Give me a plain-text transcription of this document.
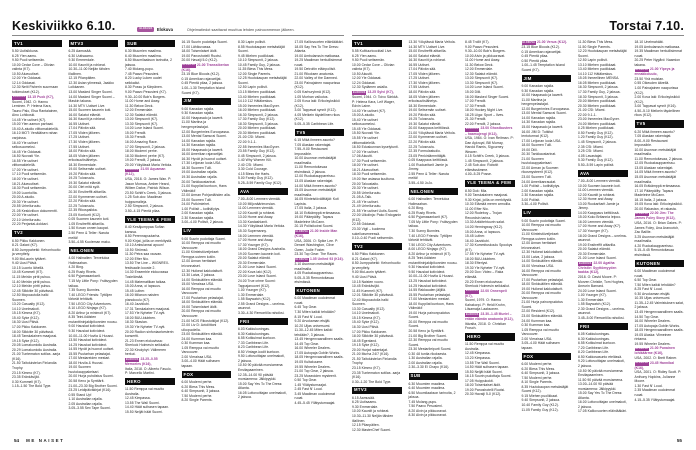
Keskiviikko 6.10.	ELOKUVA	Elokuva	Ohjelmatiedot saattavat muuttua lehden painoonmenon jälkeen.
TV1
5.50 Uutisikkuna.
6.25 Ylen aamu.
9.50 Puoli seitsemän.
10.00 Cedar Cove – Olivian valinta (K7).
10.50 Alueuutiset.
12.00 Yle Oddasat.
12.14 Oddasat.
12.30 Neiti Fisherin suurmaan tutkimukset (K12).
ELOKUVA 13.15 Puck (K7),
Suomi, 1942. O: Hannu Leminen. P: Helena Kara, Tauno Palo, Elsa Rantalainen, Aino Lohikoski.
14.45 Yle uutiset (K7).
15.00 Ylen aamun parhaat.
15.40 A-studio viittomakielellä.
16.10 MOT: Venäläisen rahan varjoissa.
16.40 Yle uutiset selkosuomeksi.
16.45 Yle Oddasat.
16.50 Novosti Yle.
16.55 Yle uutiset viittomakielellä.
17.00 Yle uutiset.
17.10 Puoli seitsemän.
18.00 Yle uutiset.
18.21 Alueuutiset.
18.30 Puoli seitsemän.
19.00 Luontoilta.
20.00 A-studio.
20.30 Yle uutiset.
20.55 Urheiluruutu.
21.05 Keskiviikon dokumentti.
22.00 Yle uutiset.
22.10 Urheiluruutu.
22.20 Perjantai-dokkari.
TV2
6.50 Pikku Kakkonen.
8.21 Galaxi (K7).
8.50 Jumppahetki: Kehonhuolto ja venyttely.
9.00 McLaurin tyttäret.
9.40 Uusi Päivä.
10.15 Luonto lähellä.
10.45 Kummeli (K7).
11.15 Meirän pirtti puhuu.
11.40 Meirän pirtti puhuu.
12.10 Meirän pirtti puhuu.
12.45 Silkkitie 30 päivässä.
12.50 Mopoautolla halki Suomen.
13.20 Casualty (K12).
14.10 Unelmakoti.
15.15 Kimma (K7).
15.40 Syke (K12).
16.30 Uusi Päivä.
17.00 Pikku Kakkonen.
18.00 Silkkitie 30 päivässä.
18.45 Tanskalainen maajussi.
19.15 Syke (K12).
20.05 Lomakuntoilu Australia.
20.29 Lomakuntoilu Australia.
21.00 Tuntematon sotilas -sarja (K16).
21.50 Taitoluistelun Finlandia Trophy.
23.15 Kimmo (K7).
23.35 Eränkävijät.
0.30 Kummeli (K7).
1.15–1.50 The Bold Type.
MTV3
6.25 Aamusää.
6.30 Uutisaamu.
9.30 Emmerdale.
10.00 Kauniit ja rohkeat.
10.30–11.00 Neljän tähden illallinen.
12.15 Pilanpäiten.
12.30 Asian ytimessä, Jaakko Loikkanen.
13.00 Masked Singer Suomi.
14.00 Masked Singer Suomi – Maskin takana.
14.30 MTV Uutiset Live.
15.00 Suomen kaunein koti.
16.00 Salatut elämät.
16.30 Kauniit ja rohkeat.
16.55 Uutiset.
17.04 Päivän sää.
17.05 Viiden jälkeen.
17.25 Uutiset.
17.30 Viiden jälkeen.
17.55 Uutiset.
18.00 Päivän sää.
18.05 Viiden jälkeen erikoisuutislähetys.
18.30 Emmerdale.
19.00 Seitsemän uutiset.
19.20 Päivän sää.
19.25 Tulosruutu.
19.30 Salatut elämät.
20.00 Olet mitä syöt.
20.30 Ensitreffit alttarilla.
22.00 Kymmenen uutiset.
22.20 Päivän sää.
22.25 Tulosruutu.
22.35 Rikospaikka.
23.05 Konkurit (K12).
0.05 Suomen kaunein koti.
1.05 Ensitreffit alttarilla.
1.50 Kovan onnen kaupat.
2.50 Penn & Teller: Naruta meitä!
3.50–4.55 Kuoleman maku.
NELONEN
4.00 Halinallen: Tervetuloa Halimaahan.
4.20 Bing.
6.25 Rusty Rivets.
6.50 Pyjamasankarit.
7.15 My Little Pony: Ystävyyden taikaa.
7.35 Sunny Bunnies.
7.40 LEGO Friends: Tyttöjen törkeät tehtävät.
7.50 LEGO City Adventures.
8.10 LEGO Ninjago (K7).
8.20 Arthur ja minimoit (K7).
8.35 Teini-ikäisten mutanttininjakilpikonnien nousu.
9.00 Hauskat kotivideot.
9.30 Hauskat kotivideot.
10.00–11.00 Huvila & Huussi.
13.50 Hauskat kotivideot.
14.25 Hauskat kotivideot.
14.55 Hyvät ja huonot uutiset.
15.55 Puutarhan pelastajat.
17.00 Mestareiden mestari.
18.00 Huvila & Huussi.
19.00 Suomen huutokauppakeisari.
20.00 Hurja puhdistus Suomi.
20.58 Keno ja Synttärit.
21.00–23.30 Big Brother Suomi.
23.25 Leidipäiväkirjat (K16).
0.55 Stand Up!
1.10 Australian rajalla.
2.05 Australian rajalla.
3.05–3.55 Sex Tape Suomi.
SUB
6.30 Muumien maailma.
6.40 Muumien maailma.
6.50 Muumilaakson tarinoita, 2 jaksoa.
7.40 Molang-pupu.
7.45 Paavo Pesusieni.
8.20 Lucky Luken uudet seikkailut.
8.30 Possu ja Kärpänen.
9.00 Paavo Pesusieni (K7).
9.30–10.00 Bob's Burgers.
11.00 Home and Away.
11.30 Below Deck.
12.00 Emmerdale.
12.30 Salatut elämät.
13.00 Simpsonit (K7).
13.30 Simpsonit (K7).
14.00 Love Island Suomi.
15.00 Frendit.
15.30 Frendit.
16.00 Amazing Race.
17.00 Simpsonit, 2 jaksoa.
18.00 Moderni perhe.
18.30 Moderni perhe (K7).
19.00 Frendit, 2 jaksoa.
20.00 Yökylässä Maria Veitola.
ELOKUVA 21.00 Aquaman (K12),
USA, 2018. O: James Wan. P: Jason Momoa, Amber Heard, Willem Dafoe, Patrick Wilson.
23.50 Schitt's Creek, 3 jaksoa.
1.25 Sub.doc: Maailman huippumalleja.
2.50 Simpsonit, 2 jaksoa.
3.50–4.15 Pientä pilaa.
YLE TEEMA & FEM
8.40 Kesäjumppaa Sofian kanssa.
8.50 Perennapuutarha.
9.00 Kirjat, joilla on merkitystä.
10.10 Ambulanssi apuun!
10.50 Strömsö.
11.30 Petra saa vauvan.
12.00 Efter Nio.
13.50 The Line – WIGNREX-festivaalin kooste 2.
14.30 Ensemble elokuvassa Tosielämää.
14.45 Matematiikan taikaa.
15.00 Anna, oi lapsuus.
15.45 Luther.
16.00 Milanon naisten pianokoulu (K7).
16.40 Jazzklubi.
17.31 Tanskalainen maajussi.
17.53 Yle Nyheter TV-nytt.
18.00 BUU-klubben.
18.30 Skavlan.
19.30 Yle Nyheter TV-nytt.
20.00 Radion sinfoniaorkesterin konsertti.
21.23 Ennen elokuvissa: Sherlock Holmesin seikkailut.
22.30 Kinolyhyt: Välimeren herkut.
ELOKUVA 23.25–0.55 Memories (K16),
Italia, 2018. O: Alberto Fasulo. P: Marcello Martini.
HERO
11.50 Remppa vai muutto Australia.
12.45 Kimpassa.
13.55 The Wall Suomi.
14.40 Häät sulhasen tapaan.
15.50 Neljät häät Suomi.
16.15 Suurin pudottaja Suomi.
17.00 Lähikuvassa.
18.00 Toisenlaiset äidit.
19.00 Panoshotelli Ruotsi.
20.00 Havaiji 5-0 (K12).
ELOKUVA 21.00 Transsiberian (K16).
23.15 Blue Bloods (K12).
0.15 Amerikan rajavartijat.
0.45 Pientä pilaa, 2 jaksoa.
1.00–1.30 Temptation Island Suomi (K7).
JIM
9.00 Kanadan rajalla.
9.30 Kanadan rajalla.
10.00 Haapasalo ja kaverit.
11.00 Martina ja hengenpelastajat.
12.00 Burgerimies Euroopassa.
13.00 Mental Samurai Suomi.
14.00 Kanadan rajalla.
14.30 Kanadan rajalla.
15.00 Haapasalo ja kaverit.
16.00 Amerikan rajavartijat.
16.30 Hyvät ja huonot uutiset.
17.30 Leijonan luola USA.
18.30 Suomen Tulli.
19.00 Australian rajalla.
19.30 Australian rajalla.
20.00 Tankkaustarinat.
21.00 Kuppilat kuntoon, Hans Välimäki!
22.00 Arman Pohjantähden alla.
23.00 Suomen Tulli.
24.00 Putkimiehet.
1.00 Poliisit – kotihälytys.
2.00 Kanadan rajalla.
2.30 Kanadan rajalla.
3.00–4.00 Poliisit, 2 jaksoa.
LIV
9.00 Suurin pudottaja Suomi.
10.00 Remppa vai muutto Vancouver.
11.00 Kiinteistöveljekset: Remppa uuteen kotiin.
12.00 Annan herttaiset leivonnaiset.
12.30 Huikeat kakkutaiturit.
13.30 Laiva, 2 jaksoa.
14.00 Sinkkuäitien elämää.
15.00 Vieraissa USA.
16.00 Remppa vai muutto Vancouver.
17.00 Puutarhan pelastajat.
18.00 Sinkkuäitien elämää.
19.00 Toisenlaiset äidit.
20.00 Remppa vai muutto Vancouver.
21.00 NCIS Rikostutkijat (K12).
22.00 Liv D: Avioliittoni ulkopuolella.
23.00 Sinkkuäitien elämää.
24.00 Kumman kaa.
0.30 Kumman kaa.
1.05 Remppa vai muutto Vancouver.
2.00 Vieraissa USA.
3.00–4.00 Häät sulhasen tapaan.
FOX
6.00 Moderni perhe.
6.20 Bless This Mess.
6.40 Simpsonit, 3 jaksoa.
7.50 Moderni perhe.
8.20 Single Parents.
8.30 Lapin poliisit.
8.55 Huutokaupan metsästäjät Suomi.
9.45 Miehen puolikkaat.
10.10 Simpsonit, 2 jaksoa.
10.45 Family Guy, 2 jaksoa.
11.35 Bless This Mess.
12.00 Single Parents.
12.25 Huutokaupan metsästäjät Suomi.
12.50 Lapin poliisit.
13.15 Miehen puolikkaat.
13.40 Miehen puolikkaat.
14.10 112 Hätäkeskus.
15.00 Ihmemies MacGyver.
16.00 Miehen puolikkaat.
16.30 Simpsonit, 2 jaksoa.
17.30 Family Guy (K12).
18.30 Simpsonit, 3 jaksoa.
20.00 Miehen puolikkaat.
20.30 Miehen puolikkaat.
21.00 CSI: Miami.
22.00 9-1-1.
22.55 Ihmemies MacGyver.
23.55 Family Guy (K12).
0.45 Simpsonit, 2 jaksoa.
1.40 Why Women Kill.
2.40 CSI: Miami.
3.30 Cold Courage.
4.15 Bless the Harts.
5.00 Family Guy (K12).
5.25–5.59 Family Guy (K12).
AVA
7.00–8.00 Lemmen viemää.
10.00 Miljonäärimorsian.
11.00 Lemmen viemää.
12.00 Kauniit ja rohkeat.
13.00 Home and Away.
13.30 Kardashianit.
14.30 Yökylässä Maria Veitola.
15.30 Supernanny.
16.00 Lemmen viemää.
17.00 Home and Away.
17.30 Younger (K7).
18.00 Grand Designs Australia.
19.00 Suomen kaunein koti.
20.00 Salatut elämät.
20.30 Emmerdale.
21.00 Love Island Suomi.
22.00 Kova laki (K12).
23.00 Love Island Suomi.
24.00 True crime Suomi: Tappajanuoret (K12).
1.00 Younger (K7).
1.30 Emmerdale.
1.55 Baywatch (K12).
2.55 Grand Designs – unelma-asunnot.
3.30–4.30 Remontilla rahoiksi.
FRII
6.03 Kakkukuningas.
6.30 Kakkukuningas.
6.55 Kotikulmat kuntoon.
7.33 Caribbean Life.
8.23 Caribbean Life.
8.50 Vintage-kodit kuntoon.
9.50 Lottovoittajan unelmakoti, 2 jaksoa.
10.50 90 päivää morsiamena: Ensitapaaminen.
12.35–14.00 90 päivää morsiamena: Jälkipyykki.
15.00 Say Yes To The Dress: Atlanta.
16.05 Lottovoittajan unelmakoti, 2 jaksoa.
17.05 Kalliovuorten eläinlääkäri.
18.05 Say Yes To The Dress: Atlanta.
19.00 Ambulanssin matkassa.
19.25 Maailman herkullisimmat ruoat.
19.50 Detroitin eläinpoliisit.
21.00 Rikoksen anatomia.
22.00 Valley of the Damned.
23.00 Painajainen naapurissa (K12).
0.05 Karhuryhmä (K12).
1.05 Murhan vaikutus.
2.05 Kova laki: Erikoisyksikkö (K12).
3.00 Tappavat synnit (K12).
4.05 Meikein täydellinen rikos (K12).
5.05–5.35 Caribbean Life.
TV5
6.15 Mikä ihmeen asunto?
7.05 Alaskan rakentajat.
7.55–9.00 Restaurant Impossible.
10.00 Asunnon metsästäjät maailmalla.
11.00 Remontoitavaa etsimässä, 2 jaksoa.
12.00 Ruokakauppareissu.
13.05 Alaskan rakentajat.
14.00 Mikä ihmeen asunto?
15.05 Asunnon metsästäjät maailmalla.
16.05 Kiinteistövälittäjät: Koti Lapista.
17.05 Italia, 2 jaksoa.
18.10 Eräkämppä erämaassa.
19.00 Pääepäilty: Tapaus Madeleine McCann.
20.15 Poliisikoirat Suomi.
ELOKUVA 21.00 Inside Man (K16),
USA, 2006. O: Spike Lee. P: Denzel Washington, Clive Owen, Jodie Foster.
23.30 Top Gear: The Races.
ELOKUVA 1.05 United 93 (K16).
3.10 Asunnon metsästäjät maailmalla.
4.05 Ruokakauppareissu.
5.05–5.35 Remontoitavaa etsimässä.
KUTONEN
6.00 Maailman oudoimmat ruoat.
6.45 Top Gear.
7.30 Miten kaikki tehdään?
8.15 Fast N' Loud.
9.20 Arvokaman etsijät.
10.20 Uljas universumi.
11.30–12.45 Miten kaikki tehdään?, 3 jaksoa.
13.45 Hengenvaarallinen saalis.
14.45 Top Gear.
16.00 Wheeler Dealers.
17.05 Autopaja Goblin Works.
18.05 Hengenvaarallinen saalis.
19.05 Kultakuume.
19.55 Wheeler Dealers.
21.00 Top Gear, 2 jaksoa.
23.25 Museoiden mysteerit.
0.50 Top Gear.
1.45 Yllätysturnaajat.
2.45 Fast N' Loud.
3.45 Maailman oudoimmat ruoat.
4.45–5.45 Yllätysturnaajat.
Torstai 7.10.
TV1
5.55 Kulttuuricocktail Live.
6.25 Ylen aamu.
9.50 Puoli seitsemän.
10.00 Cedar Cove – Olivian valinta (K7).
10.50 Akuutti.
12.00 Yle Oddasat.
12.24 Oddasat.
12.30 Sydämen asialla.
ELOKUVA 13.25 Sylvi (K7),
Suomi, 1944. O: Toivo Särkkä. P: Helena Kara, Leif Wager, Edvin Laine.
14.40 Yle uutiset (K7).
15.00 A-studio.
15.40 Yle uutiset selkosuomeksi.
15.45 Yle Oddasat.
15.50 Novosti Yle.
15.55 Yle uutiset viittomakielellä.
16.50 Eduskunnan kyselytunti.
17.00 Yle uutiset.
17.06 Akuutti.
17.30 Puoli seitsemän.
18.00 Yle uutiset.
18.21 Alueuutiset.
18.30 Puoli seitsemän.
19.00 Itse asiassa kuultuna.
20.00 Taloustaito.
20.30 Yle uutiset.
20.55 Urheiluruutu.
21.05 A-Talk.
21.45 Yle uutiset.
21.49 Urheiluruutu.
21.55 Yle uutiset Uutis-Suomi.
22.00 Ulkolinja: Pako Erdoganin (K12).
22.55 Oddasat.
23.30 Vigil – kuolema sukellusveneessä.
0.10–0.40 Puoli seitsemän.
TV2
6.50 Pikku Kakkonen.
8.21 Galaxi (K7).
8.50 Jumppahetki: Kehonhuolto ja venyttely.
9.00 McLaurin tyttäret.
9.40 Uusi Päivä.
10.15 Naisten vuoro.
10.45 Eränkävijät.
11.45 Kummeli (K7).
12.01 Silkkitie 30 päivässä.
12.40 Mopoautolla halki Suomen.
13.30 Casualty (K12).
14.10 Unelmakoti.
15.15 Kimma (K7).
15.40 Syke (K12).
16.30 Uusi Päivä.
17.00 Pikku Kakkonen.
18.00 Silkkitie 30 päivässä.
18.45 Egenland.
19.15 Syke (K12).
20.00 Hurjat rakentajat.
21.00 Murha 24/7 (K16).
21.50 Taitoluistelun Finlandia Trophy.
23.15 Kimmo (K7).
23.35 Tuntematon sotilas -sarja (K16).
0.30–1.20 The Bold Type.
MTV3
6.15 Aamusää.
6.25 Uutisaamu.
9.30 Emmerdale.
10.00 Kauniit ja rohkeat.
10.30–11.30 Neljän tähden illallinen.
12.15 Pilanpäiten.
12.30 MasterChef Suomi.
13.30 Yökylässä Maria Veitola.
14.30 MTV Uutiset Live.
15.00 Ensitreffit alttarilla.
16.00 Salatut elämät.
16.30 Kauniit ja rohkeat.
16.55 Uutiset.
17.04 Päivän sää.
17.05 Viiden jälkeen.
17.25 Uutiset.
17.30 Viiden jälkeen.
17.55 Uutiset.
18.00 Päivän sää.
18.05 Viiden jälkeen erikoisuutislähetys.
18.30 Emmerdale.
19.00 Seitsemän uutiset.
19.20 Päivän sää.
19.25 Tulosruutu.
19.30 Salatut elämät.
20.00 Kaappaus keittiössä.
21.00 Yökylässä Maria Veitola.
22.00 Kymmenen uutiset.
22.20 Päivän sää.
22.25 Tulosruutu.
22.35 Formulastudio.
23.05 Penkinlämmittäjät.
0.05 Kaappaus keittiössä.
1.00 Ruokaritarit Jamie ja Jimmy.
2.55 Penn & Teller: Naruta meitä!
3.55–4.50 JoJo.
NELONEN
6.00 Halinallen: Tervetuloa Halimaahan.
6.20 Bing.
6.25 Rusty Rivets.
6.50 Pyjamasankarit (K7).
7.05 My Little Pony: Ystävyyden taikaa.
7.30 Sunny Bunnies.
7.40 LEGO Friends: Tyttöjen törkeät tehtävät.
7.50 LEGO City Adventures.
8.00 LEGO Ninjago (K7).
8.20 Arthur ja minimoit (K7).
8.25 Teini-ikäisten mutanttininjakilpikonnien nousu.
9.30 Hauskat kotivideot.
9.50 Hauskat kotivideot.
10.00–11.00 Huvila & Huussi.
13.25 Hauskat kotivideot.
14.25 Hauskat kotivideot.
14.55 Rakkauden jäljillä.
15.55 Puutarhan pelastajat.
17.00 Mestareiden mestari.
18.00 Kuppilat kuntoon, Hans Välimäki!
19.00 Hurja painonpudotus Suomi.
20.00 Remppa vai muutto Suomi.
20.58 Keno ja Synttärit.
21.00 Big Brother Suomi.
22.30 Remppa vai muutto Suomi.
23.30 Mestarileipurit Suomi.
0.30 48 tuntia rikoksesta.
1.30 Australian rajalla.
2.00 Australian rajalla.
2.30–3.30 El Chapo (K16).
SUB
6.30 Muumien maailma.
6.40 Muumien maailma.
6.50 Muumilaakson tarinoita, 2 jaksoa.
7.45 Molang-pupu.
7.50 Paavo Pesusieni.
8.20 Alvin ja pikkuoravat.
8.30 Alvin ja pikkuoravat.
8.45 Trollit (K7).
9.00 Paavo Pesusieni.
9.30–10.00 Bob's Burgers.
10.00 Alvin ja pikkuoravat.
11.00 Home and Away.
11.30 Below Deck.
12.00 Emmerdale.
12.30 Salatut elämät.
13.00 Simpsonit (K7).
13.30 Simpsonit (K7).
14.00 Love Island Suomi.
15.00 Diili.
16.00 Masked Singer Suomi.
17.00 Frendit.
17.30 Frendit.
18.00 Hockey Night Live.
18.25 Liiga: Sport – Ilves.
21.30 Frendit.
22.00 Frendit, 2 jaksoa.
ELOKUVA 23.00 Ghostbusters – haamujengi (K12),
USA, 1984. O: Ivan Reitman. P: Dan Aykroyd, Bill Murray, Harold Ramis, Sigourney Weaver.
0.15 Schitt's Creek, 3 jaksoa.
1.45 Simpsonit, 2 jaksoa.
2.45 Sub.doc: Robotit elämässämme.
4.00–5.25 Posse.
YLE TEEMA & FEM
8.50 Dok: Mia.
9.00 Tanskalainen maajussi.
9.30 Kirjat, joilla on merkitystä.
10.30 Elämää meren armoilla.
11.00 Efter Nio.
12.00 Rudeboy – Trojan Recordsin tarina.
13.30 Arkkitehtuurin salat.
14.00 Hemingway (K12).
15.00 Anna, oi lapsuus.
15.45 Luther.
16.40 Jazzklubi.
17.30 Kummituskoulu Spookys (K7).
17.55 Yle Nyheter TV-nytt.
18.00 BUU-klubben.
18.30 Efterlyst.
19.30 Yle Nyheter TV-nytt.
20.00 Dox: Video – Raka elämää.
20.20 Ennen elokuvissa: Sherlock Holmesin seikkailut.
ELOKUVA 22.00 Onnenpeli (K7),
Suomi, 1979. O: Hannu Kahakorpi. P: Heidi Krohn, Liisamaija Laaksonen.
ELOKUVA 23.30–1.45 Muriel – erään elämän anatomia (K12),
Itävalta, 2018. O: Christian Frosch.
HERO
11.50 Remppa vai muutto Australia.
12.45 Kimpassa.
13.20 Kimpassa.
13.55 The Wall Suomi.
14.50 Häät sulhasen tapaan.
15.50 Neljät häät Suomi.
16.15 Suurin pudottaja Suomi.
17.05 Huippukokit.
18.00 Toisenlaiset äidit.
19.00 Panoshotelli Ruotsi.
20.30 Havaiji 5-0 (K12).
ELOKUVA 21.00 Venus (K12).
23.15 Blue Bloods (K12).
0.15 Amerikan rajavartijat.
0.45 Pientä pilaa.
0.50 Pientä pilaa.
1.00–1.45 Temptation Island Suomi (K7).
JIM
9.00 Kanadan rajalla.
9.30 Kanadan rajalla.
10.00 Haapasalo ja kaverit.
11.00 Martina ja hengenpelastajat.
12.00 Burgerimies Euroopassa.
13.00 Mental Samurai Suomi.
14.00 Kanadan rajalla.
14.30 Kanadan rajalla.
15.00 Haapasalo ja kaverit.
16.00 JIM D: Tutkitut lentoturmat (K12).
17.00 Leijonan luola USA.
18.00 Suomen Tulli.
19.00 Diili.
20.30 Tankkaustarinat.
21.00 Suomen huutokauppakeisari.
22.00 Arman ja Suomen rikosmysteerit (K12).
23.00 Suomen Tulli.
24.00 Amerikanraudat.
1.00 Poliisit – kotihälytys.
2.00 Kanadan rajalla.
2.30 Kanadan rajalla.
3.00 Poliisit.
3.30–4.00 Poliisit.
LIV
9.00 Suurin pudottaja Suomi.
10.00 Remppa vai muutto Vancouver.
11.00 Kiinteistöveljekset: Remppa uuteen kotiin.
12.00 Annan herttaiset leivonnaiset.
12.30 Huikeat kakkutaiturit.
13.00 Laiva, 2 jaksoa.
14.00 Sinkkuäitien elämää.
15.00 Vieraissa USA.
16.00 Remppa vai muutto Vancouver.
17.00 Puutarhan pelastajat.
18.00 Sinkkuäitien elämää.
19.00 Huikeat kakkutaiturit.
20.00 Remppa vai muutto Vancouver.
21.00 Hurja painonpudotus Suomi.
22.00 Resident (K12).
23.00 Sinkkuäitien elämää.
24.00 Kumman kaa.
0.30 Kumman kaa.
1.05 Remppa vai muutto Vancouver.
2.00 Vieraissa USA.
3.05–4.00 Häät sulhasen tapaan.
FOX
6.00 Moderni perhe.
6.20 Bless This Mess.
6.40 Simpsonit, 3 jaksoa.
7.50 Moderni perhe.
8.10 Single Parents.
8.35 Huutokaupan metsästäjät Suomi (K12).
9.15 Miehen puolikkaat.
9.40 Simpsonit, 2 jaksoa.
10.40 Family Guy (K12).
11.05 Family Guy (K12).
11.30 Bless This Mess.
11.50 Single Parents.
12.20 Huutokaupan metsästäjät Suomi.
12.50 Lapin poliisit.
13.10 Miehen puolikkaat.
13.40 Miehen puolikkaat.
14.10 112 Hätäkeskus.
15.05 Ihmeellinen MENSA.
16.05 Miehen puolikkaat.
16.30 Simpsonit, 2 jaksoa.
17.30 Family Guy, 2 jaksoa.
18.30 Simpsonit, 3 jaksoa.
20.00 Miehen puolikkaat.
20.30 Miehen puolikkaat.
21.00 CSI: Miami.
22.00 9-1-1.
23.00 Ihmemies MacGyver.
24.00 Miehen puolikkaat.
0.25 Miehen puolikkaat.
0.50 Family Guy (K12).
1.20 Family Guy (K12).
1.45 Simpsonit, 2 jaksoa.
2.35 CSI: Miami.
3.25 CSI: Miami.
4.05 Lavastajat.
5.30 Family Guy (K12).
5.50–5.59 Lapin poliisit.
AVA
7.00–8.00 Lemmen viemää.
10.00 Suomen kaunein koti.
11.00 Lemmen viemää.
12.00 Kauniit ja rohkeat.
12.30 Home and Away.
13.00 Ruokaritarit Jamie ja Jimmy.
14.00 Kaappaus keittiössä.
15.00 Koko Britannia leipoo.
16.00 Lemmen viemää.
17.00 Home and Away (K7).
17.30 Younger (K7).
18.00 Grand Designs – unelma-asunnot.
19.00 Ensitreffit alttarilla.
20.00 Salatut elämät.
20.30 Emmerdale.
21.00 Love Island Suomi.
ELOKUVA 22.00 Agatha Christie: Syyttömyyden taakka (K12),
2018. O: David Moore. P: Morven Christie, Tom Hughes, Aneurin Barnard.
24.00 Love Island Suomi.
1.00 Younger (K7).
1.30 Emmerdale.
1.55 Baywatch (K12).
2.30 Grand Designs – unelma-asunnot.
3.45–5.00 Remontilla rahoiksi.
FRII
6.05 Kakkukuningas.
6.30 Kakkukuningas.
6.55 Kotikulmat kuntoon.
7.20 Caribbean Life.
8.20 Caribbean Life.
8.50 Kakkosasunto etelässä.
9.20 Lottovoittajan unelmakoti, 2 jaksoa.
10.50 90 päivää morsiamena: Ensitapaaminen.
11.50 90 päivää morsiamena.
13.00–14.00 90 päivää morsiamena: Jälkipyykki.
15.00 Say Yes To The Dress: Atlanta.
16.00 Lottovoittajan unelmakoti, 2 jaksoa.
17.05 Kalliovuorten eläinlääkäri.
18.10 Unelmahäät.
19.05 Ambulanssin matkassa.
19.35 Maailman herkullisimmat ruoat.
20.25 Peter Nygård: Naamion takana.
ELOKUVA 21.00 Ylpeys ja ennakkoluulo,
23.50 Yhä muistan.
0.55 Oikeuden äärellä.
1.00 Painajainen naapurissa (K12).
2.00 Kova laki: Erikoisyksikkö (K12).
3.00 Tappavat synnit (K16).
4.50–5.10 Meikein täydellinen rikos (K12).
TV5
6.20 Mikä ihmeen asunto?
7.05 Alaskan rakentajat.
8.00–9.00 Restaurant Impossible.
10.00 Asunnon metsästäjät maailmalla.
11.00 Remontoitavaa, 2 jaksoa.
12.05 Ruokakauppareissu.
13.05 Alaskan rakentajat.
14.05 Mikä ihmeen asunto?
15.05 Asunnon metsästäjät maailmalla.
16.05 Eräkämppä erämaassa.
17.10 Pääepäilty: Tapaus Madeleine McCann.
18.15 Italia, 2 jaksoa.
19.05 Kova laki: Erikoisyksikkö.
20.00 Rakastan, et rakasta.
ELOKUVA 22.00 Jim: The James Foley Story (K12),
USA, 2016. O: Brian Oakes. P: James Foley, Una Aranovich, Zac Baillie.
3.25 Asunnon metsästäjät maailmalla.
4.20 Ruokakauppareissu.
5.15–5.45 Remontoitavaa etsimässä.
KUTONEN
6.00 Maailman oudoimmat ruoat.
6.50 Top Gear.
7.50 Miten kaikki tehdään?
8.25 Fast N' Loud.
9.30 Arvokaman etsijät.
10.35 Uljas universumi.
11.35–12.45 Valmistuksen salat, 2 jaksoa.
13.45 Hengenvaarallinen saalis.
14.50 Top Gear.
16.00 Wheeler Dealers.
17.05 Autopaja Goblin Works.
18.05 Hengenvaarallinen saalis.
19.05 Alaska: Viimeinen rintama.
19.55 Wheeler Dealers.
ELOKUVA 21.00 Punainen lohikäärme (K16),
USA, 2002. O: Brett Ratner.
ELOKUVA 23.45 Hannibal (K16),
USA, 2001. O: Ridley Scott. P: Anthony Hopkins, Julianne Moore.
1.30 Fast N' Loud.
2.35 Maailman oudoimmat ruoat.
4.15–5.35 Yllätysturnaajat.
54 ME NAISET	55
